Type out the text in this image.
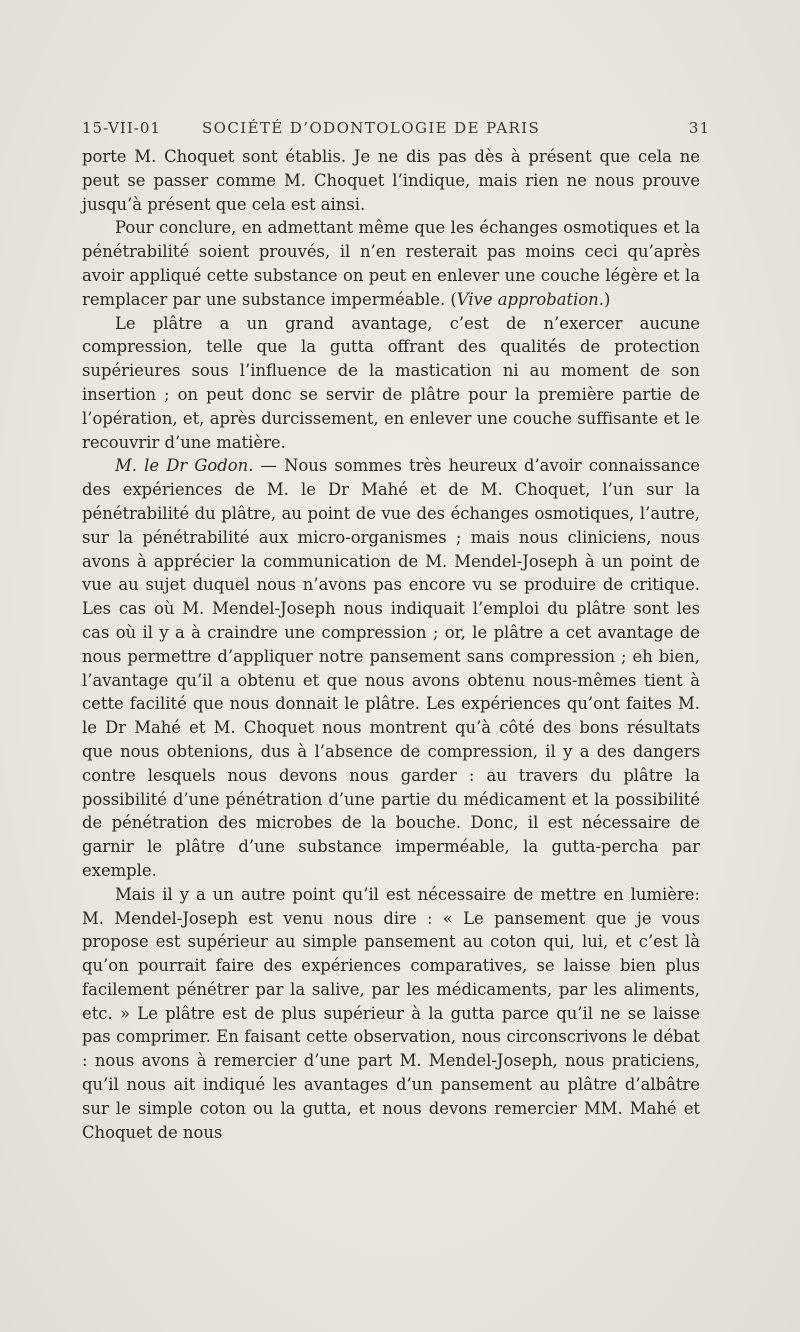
15-VII-01	SOCIÉTÉ D’ODONTOLOGIE DE PARIS	31

porte M. Choquet sont établis. Je ne dis pas dès à présent que cela ne peut se passer comme M. Choquet l’indique, mais rien ne nous prouve jusqu’à présent que cela est ainsi.

Pour conclure, en admettant même que les échanges osmotiques et la pénétrabilité soient prouvés, il n’en resterait pas moins ceci qu’après avoir appliqué cette substance on peut en enlever une couche légère et la remplacer par une substance imperméable. (Vive approbation.)

Le plâtre a un grand avantage, c’est de n’exercer aucune compression, telle que la gutta offrant des qualités de protection supérieures sous l’influence de la mastication ni au moment de son insertion ; on peut donc se servir de plâtre pour la première partie de l’opération, et, après durcissement, en enlever une couche suffisante et le recouvrir d’une matière.

M. le Dr Godon. — Nous sommes très heureux d’avoir connaissance des expériences de M. le Dr Mahé et de M. Choquet, l’un sur la pénétrabilité du plâtre, au point de vue des échanges osmotiques, l’autre, sur la pénétrabilité aux micro-organismes ; mais nous cliniciens, nous avons à apprécier la communication de M. Mendel-Joseph à un point de vue au sujet duquel nous n’avons pas encore vu se produire de critique. Les cas où M. Mendel-Joseph nous indiquait l’emploi du plâtre sont les cas où il y a à craindre une compression ; or, le plâtre a cet avantage de nous permettre d’appliquer notre pansement sans compression ; eh bien, l’avantage qu’il a obtenu et que nous avons obtenu nous-mêmes tient à cette facilité que nous donnait le plâtre. Les expériences qu’ont faites M. le Dr Mahé et M. Choquet nous montrent qu’à côté des bons résultats que nous obtenions, dus à l’absence de compression, il y a des dangers contre lesquels nous devons nous garder : au travers du plâtre la possibilité d’une pénétration d’une partie du médicament et la possibilité de pénétration des microbes de la bouche. Donc, il est nécessaire de garnir le plâtre d’une substance imperméable, la gutta-percha par exemple.

Mais il y a un autre point qu’il est nécessaire de mettre en lumière: M. Mendel-Joseph est venu nous dire : « Le pansement que je vous propose est supérieur au simple pansement au coton qui, lui, et c’est là qu’on pourrait faire des expériences comparatives, se laisse bien plus facilement pénétrer par la salive, par les médicaments, par les aliments, etc. » Le plâtre est de plus supérieur à la gutta parce qu’il ne se laisse pas comprimer. En faisant cette observation, nous circonscrivons le débat : nous avons à remercier d’une part M. Mendel-Joseph, nous praticiens, qu’il nous ait indiqué les avantages d’un pansement au plâtre d’albâtre sur le simple coton ou la gutta, et nous devons remercier MM. Mahé et Choquet de nous
